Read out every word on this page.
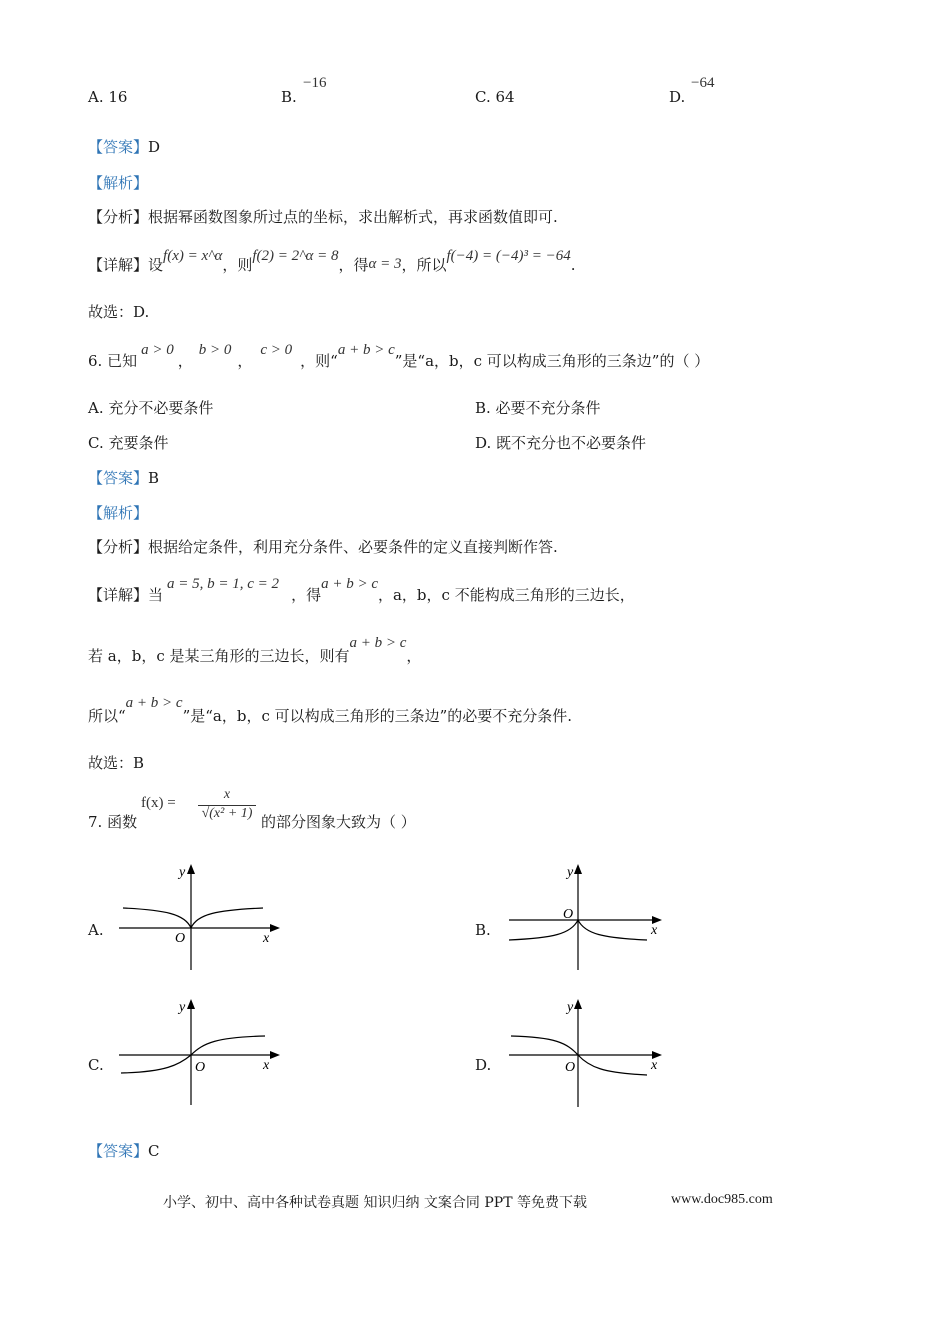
A. 16	B.
−16
C. 64	D.
−64
【答案】D
【解析】
【分析】根据幂函数图象所过点的坐标，求出解析式，再求函数值即可.
【详解】设f(x) = x^α，则f(2) = 2^α = 8，得α = 3，所以f(−4) = (−4)³ = −64.
故选：D.
6. 已知a > 0，b > 0，c > 0，则“a + b > c”是“a，b，c 可以构成三角形的三条边”的（ ）
A. 充分不必要条件	B. 必要不充分条件
C. 充要条件	D. 既不充分也不必要条件
【答案】B
【解析】
【分析】根据给定条件，利用充分条件、必要条件的定义直接判断作答.
【详解】当a = 5, b = 1, c = 2，得a + b > c，a，b，c 不能构成三角形的三边长，
若 a，b，c 是某三角形的三边长，则有a + b > c，
所以“a + b > c”是“a，b，c 可以构成三角形的三条边”的必要不充分条件.
故选：B
7. 函数
f(x) =
x
√(x² + 1) 的部分图象大致为（ ）
A.
y
O	x	B.
y
O
x
C.
y
O	x	D.
y
O	x
【答案】C
小学、初中、高中各种试卷真题 知识归纳 文案合同 PPT 等免费下载	www.doc985.com
